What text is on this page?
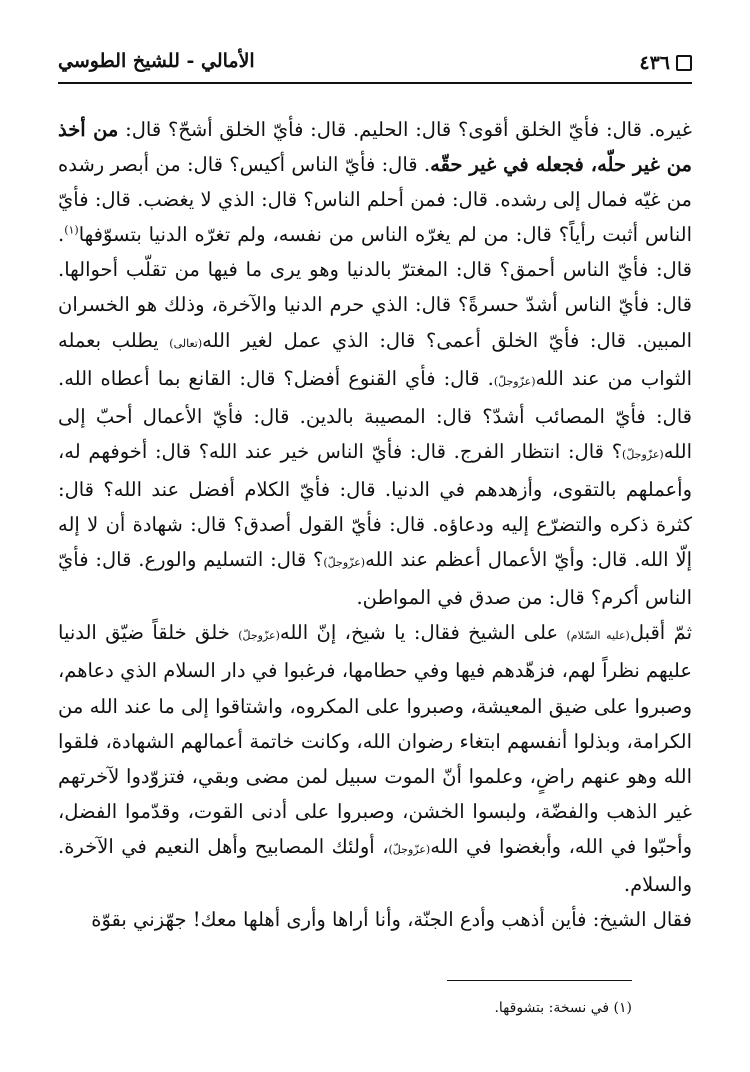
٤٣٦
الأمالي - للشيخ الطوسي

غيره. قال: فأيّ الخلق أقوى؟ قال: الحليم. قال: فأيّ الخلق أشحّ؟ قال: من أخذ من غير حلّه، فجعله في غير حقّه. قال: فأيّ الناس أكيس؟ قال: من أبصر رشده من غيّه فمال إلى رشده. قال: فمن أحلم الناس؟ قال: الذي لا يغضب. قال: فأيّ الناس أثبت رأياً؟ قال: من لم يغرّه الناس من نفسه، ولم تغرّه الدنيا بتسوّفها$^{(١)}$. قال: فأيّ الناس أحمق؟ قال: المغترّ بالدنيا وهو يرى ما فيها من تقلّب أحوالها. قال: فأيّ الناس أشدّ حسرةً؟ قال: الذي حرم الدنيا والآخرة، وذلك هو الخسران المبين. قال: فأيّ الخلق أعمى؟ قال: الذي عمل لغير الله(تعالى) يطلب بعمله الثواب من عند الله(عزّوجلّ). قال: فأي القنوع أفضل؟ قال: القانع بما أعطاه الله. قال: فأيّ المصائب أشدّ؟ قال: المصيبة بالدين. قال: فأيّ الأعمال أحبّ إلى الله(عزّوجلّ)؟ قال: انتظار الفرج. قال: فأيّ الناس خير عند الله؟ قال: أخوفهم له، وأعملهم بالتقوى، وأزهدهم في الدنيا. قال: فأيّ الكلام أفضل عند الله؟ قال: كثرة ذكره والتضرّع إليه ودعاؤه. قال: فأيّ القول أصدق؟ قال: شهادة أن لا إله إلّا الله. قال: وأيّ الأعمال أعظم عند الله(عزّوجلّ)؟ قال: التسليم والورع. قال: فأيّ الناس أكرم؟ قال: من صدق في المواطن.

ثمّ أقبل(عليه السّلام) على الشيخ فقال: يا شيخ، إنّ الله(عزّوجلّ) خلق خلقاً ضيّق الدنيا عليهم نظراً لهم، فزهّدهم فيها وفي حطامها، فرغبوا في دار السلام الذي دعاهم، وصبروا على ضيق المعيشة، وصبروا على المكروه، واشتاقوا إلى ما عند الله من الكرامة، وبذلوا أنفسهم ابتغاء رضوان الله، وكانت خاتمة أعمالهم الشهادة، فلقوا الله وهو عنهم راضٍ، وعلموا أنّ الموت سبيل لمن مضى وبقي، فتزوّدوا لآخرتهم غير الذهب والفضّة، ولبسوا الخشن، وصبروا على أدنى القوت، وقدّموا الفضل، وأحبّوا في الله، وأبغضوا في الله(عزّوجلّ)، أولئك المصابيح وأهل النعيم في الآخرة. والسلام.

فقال الشيخ: فأين أذهب وأدع الجنّة، وأنا أراها وأرى أهلها معك! جهّزني بقوّة

(١) في نسخة: بتشوقها.
